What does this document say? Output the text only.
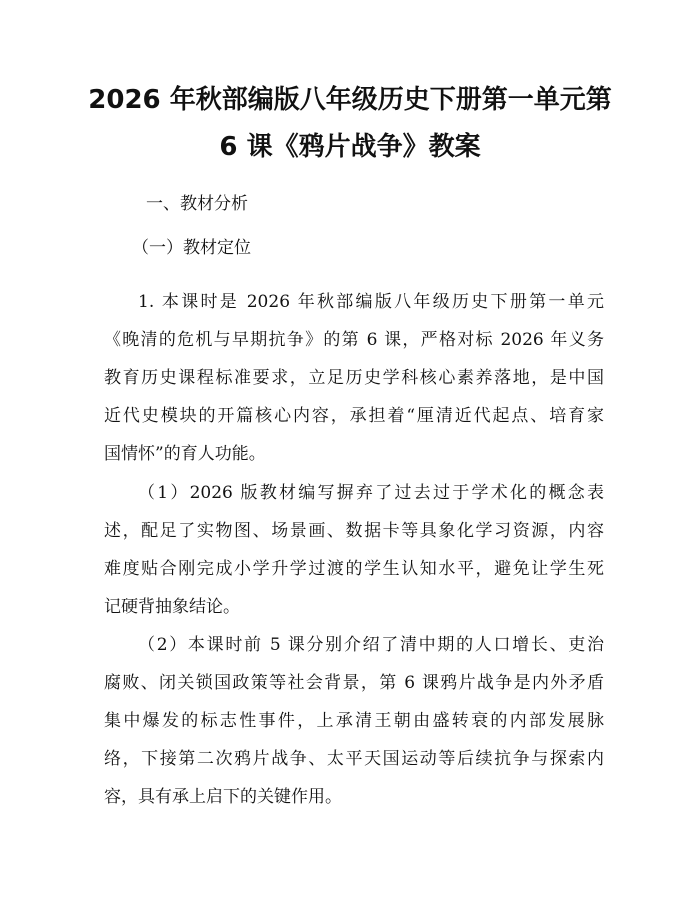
2026 年秋部编版八年级历史下册第一单元第
6 课《鸦片战争》教案
一、教材分析
（一）教材定位
1. 本课时是 2026 年秋部编版八年级历史下册第一单元
《晚清的危机与早期抗争》的第 6 课，严格对标 2026 年义务
教育历史课程标准要求，立足历史学科核心素养落地，是中国
近代史模块的开篇核心内容，承担着“厘清近代起点、培育家
国情怀”的育人功能。
（1）2026 版教材编写摒弃了过去过于学术化的概念表
述，配足了实物图、场景画、数据卡等具象化学习资源，内容
难度贴合刚完成小学升学过渡的学生认知水平，避免让学生死
记硬背抽象结论。
（2）本课时前 5 课分别介绍了清中期的人口增长、吏治
腐败、闭关锁国政策等社会背景，第 6 课鸦片战争是内外矛盾
集中爆发的标志性事件，上承清王朝由盛转衰的内部发展脉
络，下接第二次鸦片战争、太平天国运动等后续抗争与探索内
容，具有承上启下的关键作用。
